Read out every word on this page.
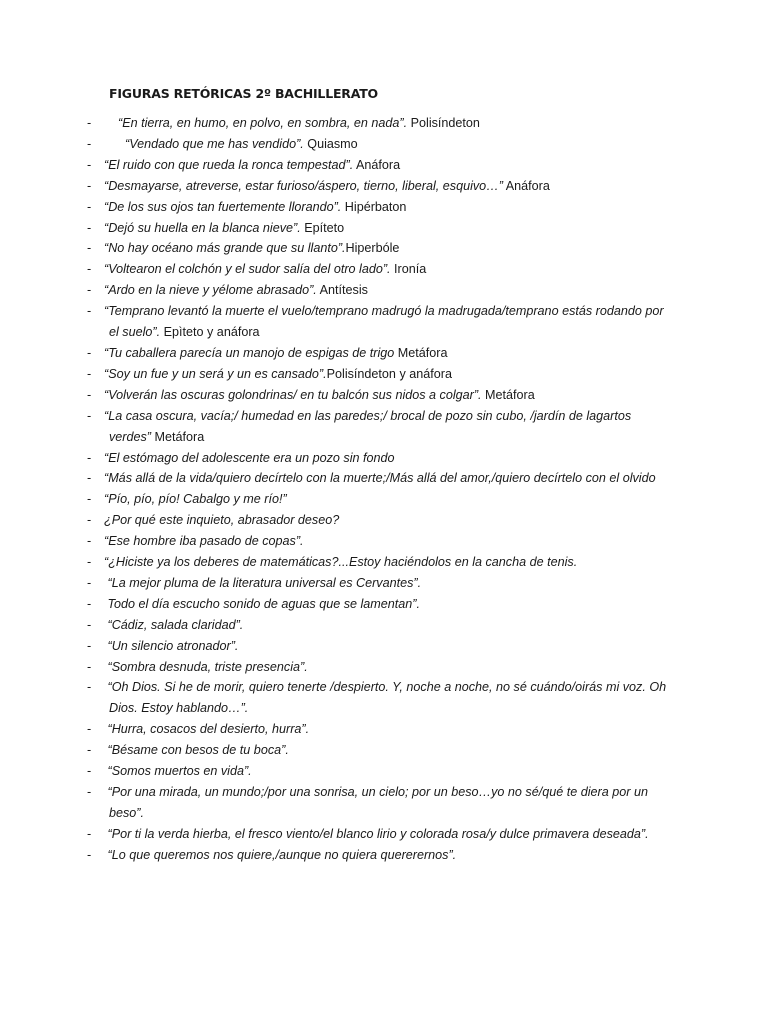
FIGURAS RETÓRICAS 2º BACHILLERATO
- “En tierra, en humo, en polvo, en sombra, en nada”. Polisíndeton
- “Vendado que me has vendido”. Quiasmo
- “El ruido con que rueda la ronca tempestad”. Anáfora
- “Desmayarse, atreverse, estar furioso/áspero, tierno, liberal, esquivo…” Anáfora
- “De los sus ojos tan fuertemente llorando”. Hipérbaton
- “Dejó su huella en la blanca nieve”. Epíteto
- “No hay océano más grande que su llanto”.Hiperbóle
- “Voltearon el colchón y el sudor salía del otro lado”. Ironía
- “Ardo en la nieve y yélome abrasado”. Antítesis
- “Temprano levantó la muerte el vuelo/temprano madrugó la madrugada/temprano estás rodando por el suelo”. Epìteto y anáfora
- “Tu caballera parecía un manojo de espigas de trigo Metáfora
- “Soy un fue y un será y un es cansado”.Polisíndeton y anáfora
- “Volverán las oscuras golondrinas/ en tu balcón sus nidos a colgar”. Metáfora
- “La casa oscura, vacía;/ humedad en las paredes;/ brocal de pozo sin cubo, /jardín de lagartos verdes” Metáfora
- “El estómago del adolescente era un pozo sin fondo
- “Más allá de la vida/quiero decírtelo con la muerte;/Más allá del amor,/quiero decírtelo con el olvido
- “Pío, pío, pío! Cabalgo y me río!”
- ¿Por qué este inquieto, abrasador deseo?
- “Ese hombre iba pasado de copas”.
- “¿Hiciste ya los deberes de matemáticas?...Estoy haciéndolos en la cancha de tenis.
- “La mejor pluma de la literatura universal es Cervantes”.
- Todo el día escucho sonido de aguas que se lamentan”.
- “Cádiz, salada claridad”.
- “Un silencio atronador”.
- “Sombra desnuda, triste presencia”.
- “Oh Dios. Si he de morir, quiero tenerte /despierto. Y, noche a noche, no sé cuándo/oirás mi voz. Oh Dios. Estoy hablando…”.
- “Hurra, cosacos del desierto, hurra”.
- “Bésame con besos de tu boca”.
- “Somos muertos en vida”.
- “Por una mirada, un mundo;/por una sonrisa, un cielo; por un beso…yo no sé/qué te diera por un beso”.
- “Por ti la verda hierba, el fresco viento/el blanco lirio y colorada rosa/y dulce primavera deseada”.
- “Lo que queremos nos quiere,/aunque no quiera quererernos”.
